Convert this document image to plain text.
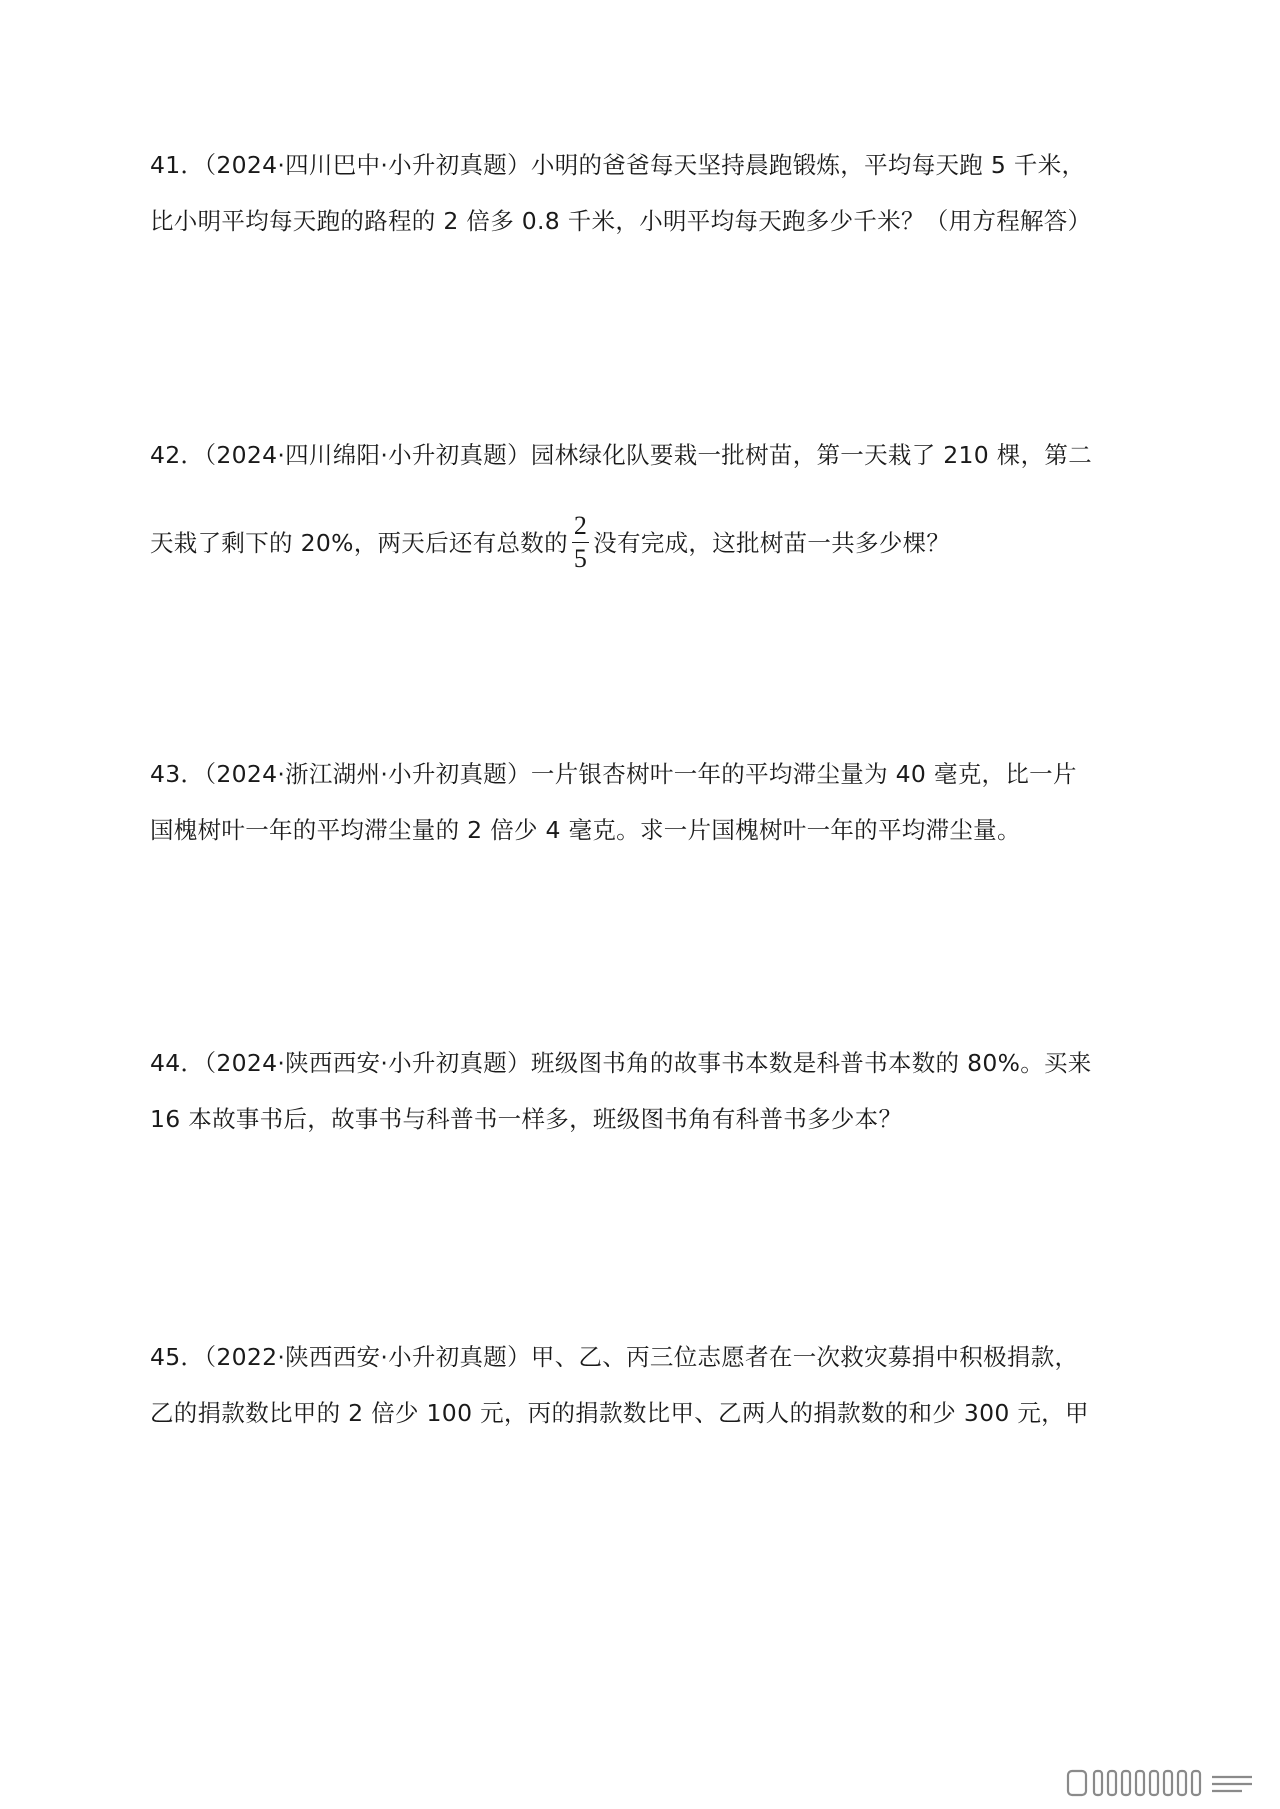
41．（2024·四川巴中·小升初真题）小明的爸爸每天坚持晨跑锻炼，平均每天跑 5 千米，
比小明平均每天跑的路程的 2 倍多 0.8 千米，小明平均每天跑多少千米？（用方程解答）
42．（2024·四川绵阳·小升初真题）园林绿化队要栽一批树苗，第一天栽了 210 棵，第二
天栽了剩下的 20%，两天后还有总数的 $\frac{2}{5}$ 没有完成，这批树苗一共多少棵？
43．（2024·浙江湖州·小升初真题）一片银杏树叶一年的平均滞尘量为 40 毫克，比一片
国槐树叶一年的平均滞尘量的 2 倍少 4 毫克。求一片国槐树叶一年的平均滞尘量。
44．（2024·陕西西安·小升初真题）班级图书角的故事书本数是科普书本数的 80%。买来
16 本故事书后，故事书与科普书一样多，班级图书角有科普书多少本？
45．（2022·陕西西安·小升初真题）甲、乙、丙三位志愿者在一次救灾募捐中积极捐款，
乙的捐款数比甲的 2 倍少 100 元，丙的捐款数比甲、乙两人的捐款数的和少 300 元，甲
